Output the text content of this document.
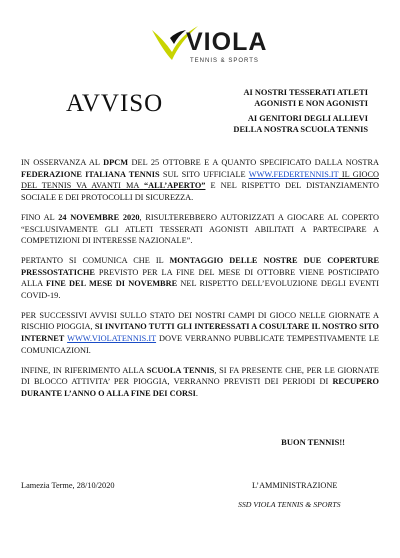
VIOLA
TENNIS & SPORTS
AVVISO	AI NOSTRI TESSERATI ATLETI
AGONISTI E NON AGONISTI

AI GENITORI DEGLI ALLIEVI
DELLA NOSTRA SCUOLA TENNIS

IN OSSERVANZA AL DPCM DEL 25 OTTOBRE E A QUANTO SPECIFICATO DALLA NOSTRA FEDERAZIONE ITALIANA TENNIS SUL SITO UFFICIALE WWW.FEDERTENNIS.IT IL GIOCO DEL TENNIS VA AVANTI MA “ALL’APERTO” E NEL RISPETTO DEL DISTANZIAMENTO SOCIALE E DEI PROTOCOLLI DI SICUREZZA.

FINO AL 24 NOVEMBRE 2020, RISULTEREBBERO AUTORIZZATI A GIOCARE AL COPERTO “ESCLUSIVAMENTE GLI ATLETI TESSERATI AGONISTI ABILITATI A PARTECIPARE A COMPETIZIONI DI INTERESSE NAZIONALE”.

PERTANTO SI COMUNICA CHE IL MONTAGGIO DELLE NOSTRE DUE COPERTURE PRESSOSTATICHE PREVISTO PER LA FINE DEL MESE DI OTTOBRE VIENE POSTICIPATO ALLA FINE DEL MESE DI NOVEMBRE NEL RISPETTO DELL’EVOLUZIONE DEGLI EVENTI COVID-19.

PER SUCCESSIVI AVVISI SULLO STATO DEI NOSTRI CAMPI DI GIOCO NELLE GIORNATE A RISCHIO PIOGGIA, SI INVITANO TUTTI GLI INTERESSATI A COSULTARE IL NOSTRO SITO INTERNET WWW.VIOLATENNIS.IT DOVE VERRANNO PUBBLICATE TEMPESTIVAMENTE LE COMUNICAZIONI.

INFINE, IN RIFERIMENTO ALLA SCUOLA TENNIS, SI FA PRESENTE CHE, PER LE GIORNATE DI BLOCCO ATTIVITA’ PER PIOGGIA, VERRANNO PREVISTI DEI PERIODI DI RECUPERO DURANTE L’ANNO O ALLA FINE DEI CORSI.

BUON TENNIS!!
Lamezia Terme, 28/10/2020	L’AMMINISTRAZIONE
SSD VIOLA TENNIS & SPORTS
